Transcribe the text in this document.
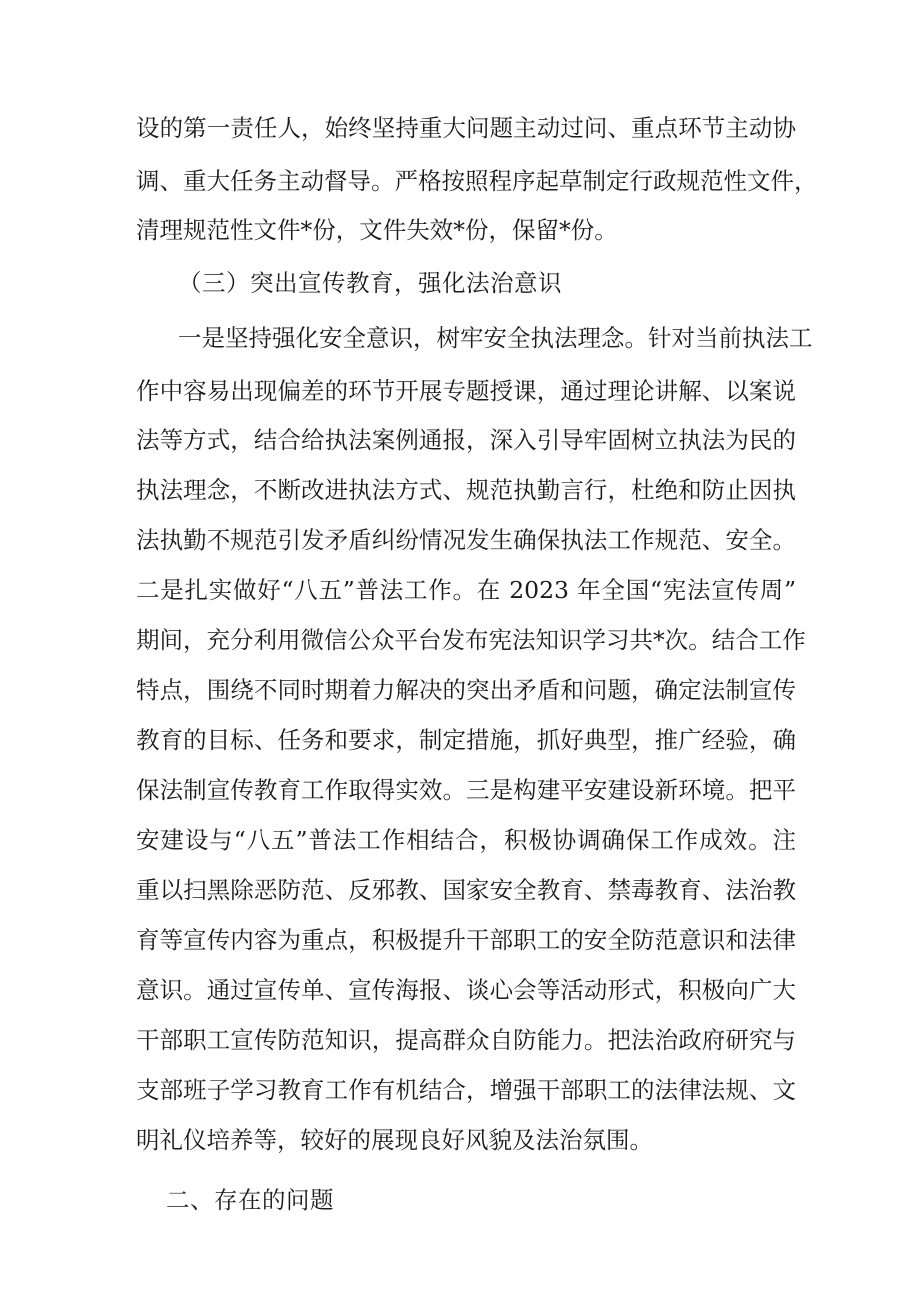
设的第一责任人，始终坚持重大问题主动过问、重点环节主动协
调、重大任务主动督导。严格按照程序起草制定行政规范性文件，
清理规范性文件*份，文件失效*份，保留*份。
（三）突出宣传教育，强化法治意识
一是坚持强化安全意识，树牢安全执法理念。针对当前执法工
作中容易出现偏差的环节开展专题授课，通过理论讲解、以案说
法等方式，结合给执法案例通报，深入引导牢固树立执法为民的
执法理念，不断改进执法方式、规范执勤言行，杜绝和防止因执
法执勤不规范引发矛盾纠纷情况发生确保执法工作规范、安全。
二是扎实做好“八五”普法工作。在 2023 年全国“宪法宣传周”
期间，充分利用微信公众平台发布宪法知识学习共*次。结合工作
特点，围绕不同时期着力解决的突出矛盾和问题，确定法制宣传
教育的目标、任务和要求，制定措施，抓好典型，推广经验，确
保法制宣传教育工作取得实效。三是构建平安建设新环境。把平
安建设与“八五”普法工作相结合，积极协调确保工作成效。注
重以扫黑除恶防范、反邪教、国家安全教育、禁毒教育、法治教
育等宣传内容为重点，积极提升干部职工的安全防范意识和法律
意识。通过宣传单、宣传海报、谈心会等活动形式，积极向广大
干部职工宣传防范知识，提高群众自防能力。把法治政府研究与
支部班子学习教育工作有机结合，增强干部职工的法律法规、文
明礼仪培养等，较好的展现良好风貌及法治氛围。
二、存在的问题
